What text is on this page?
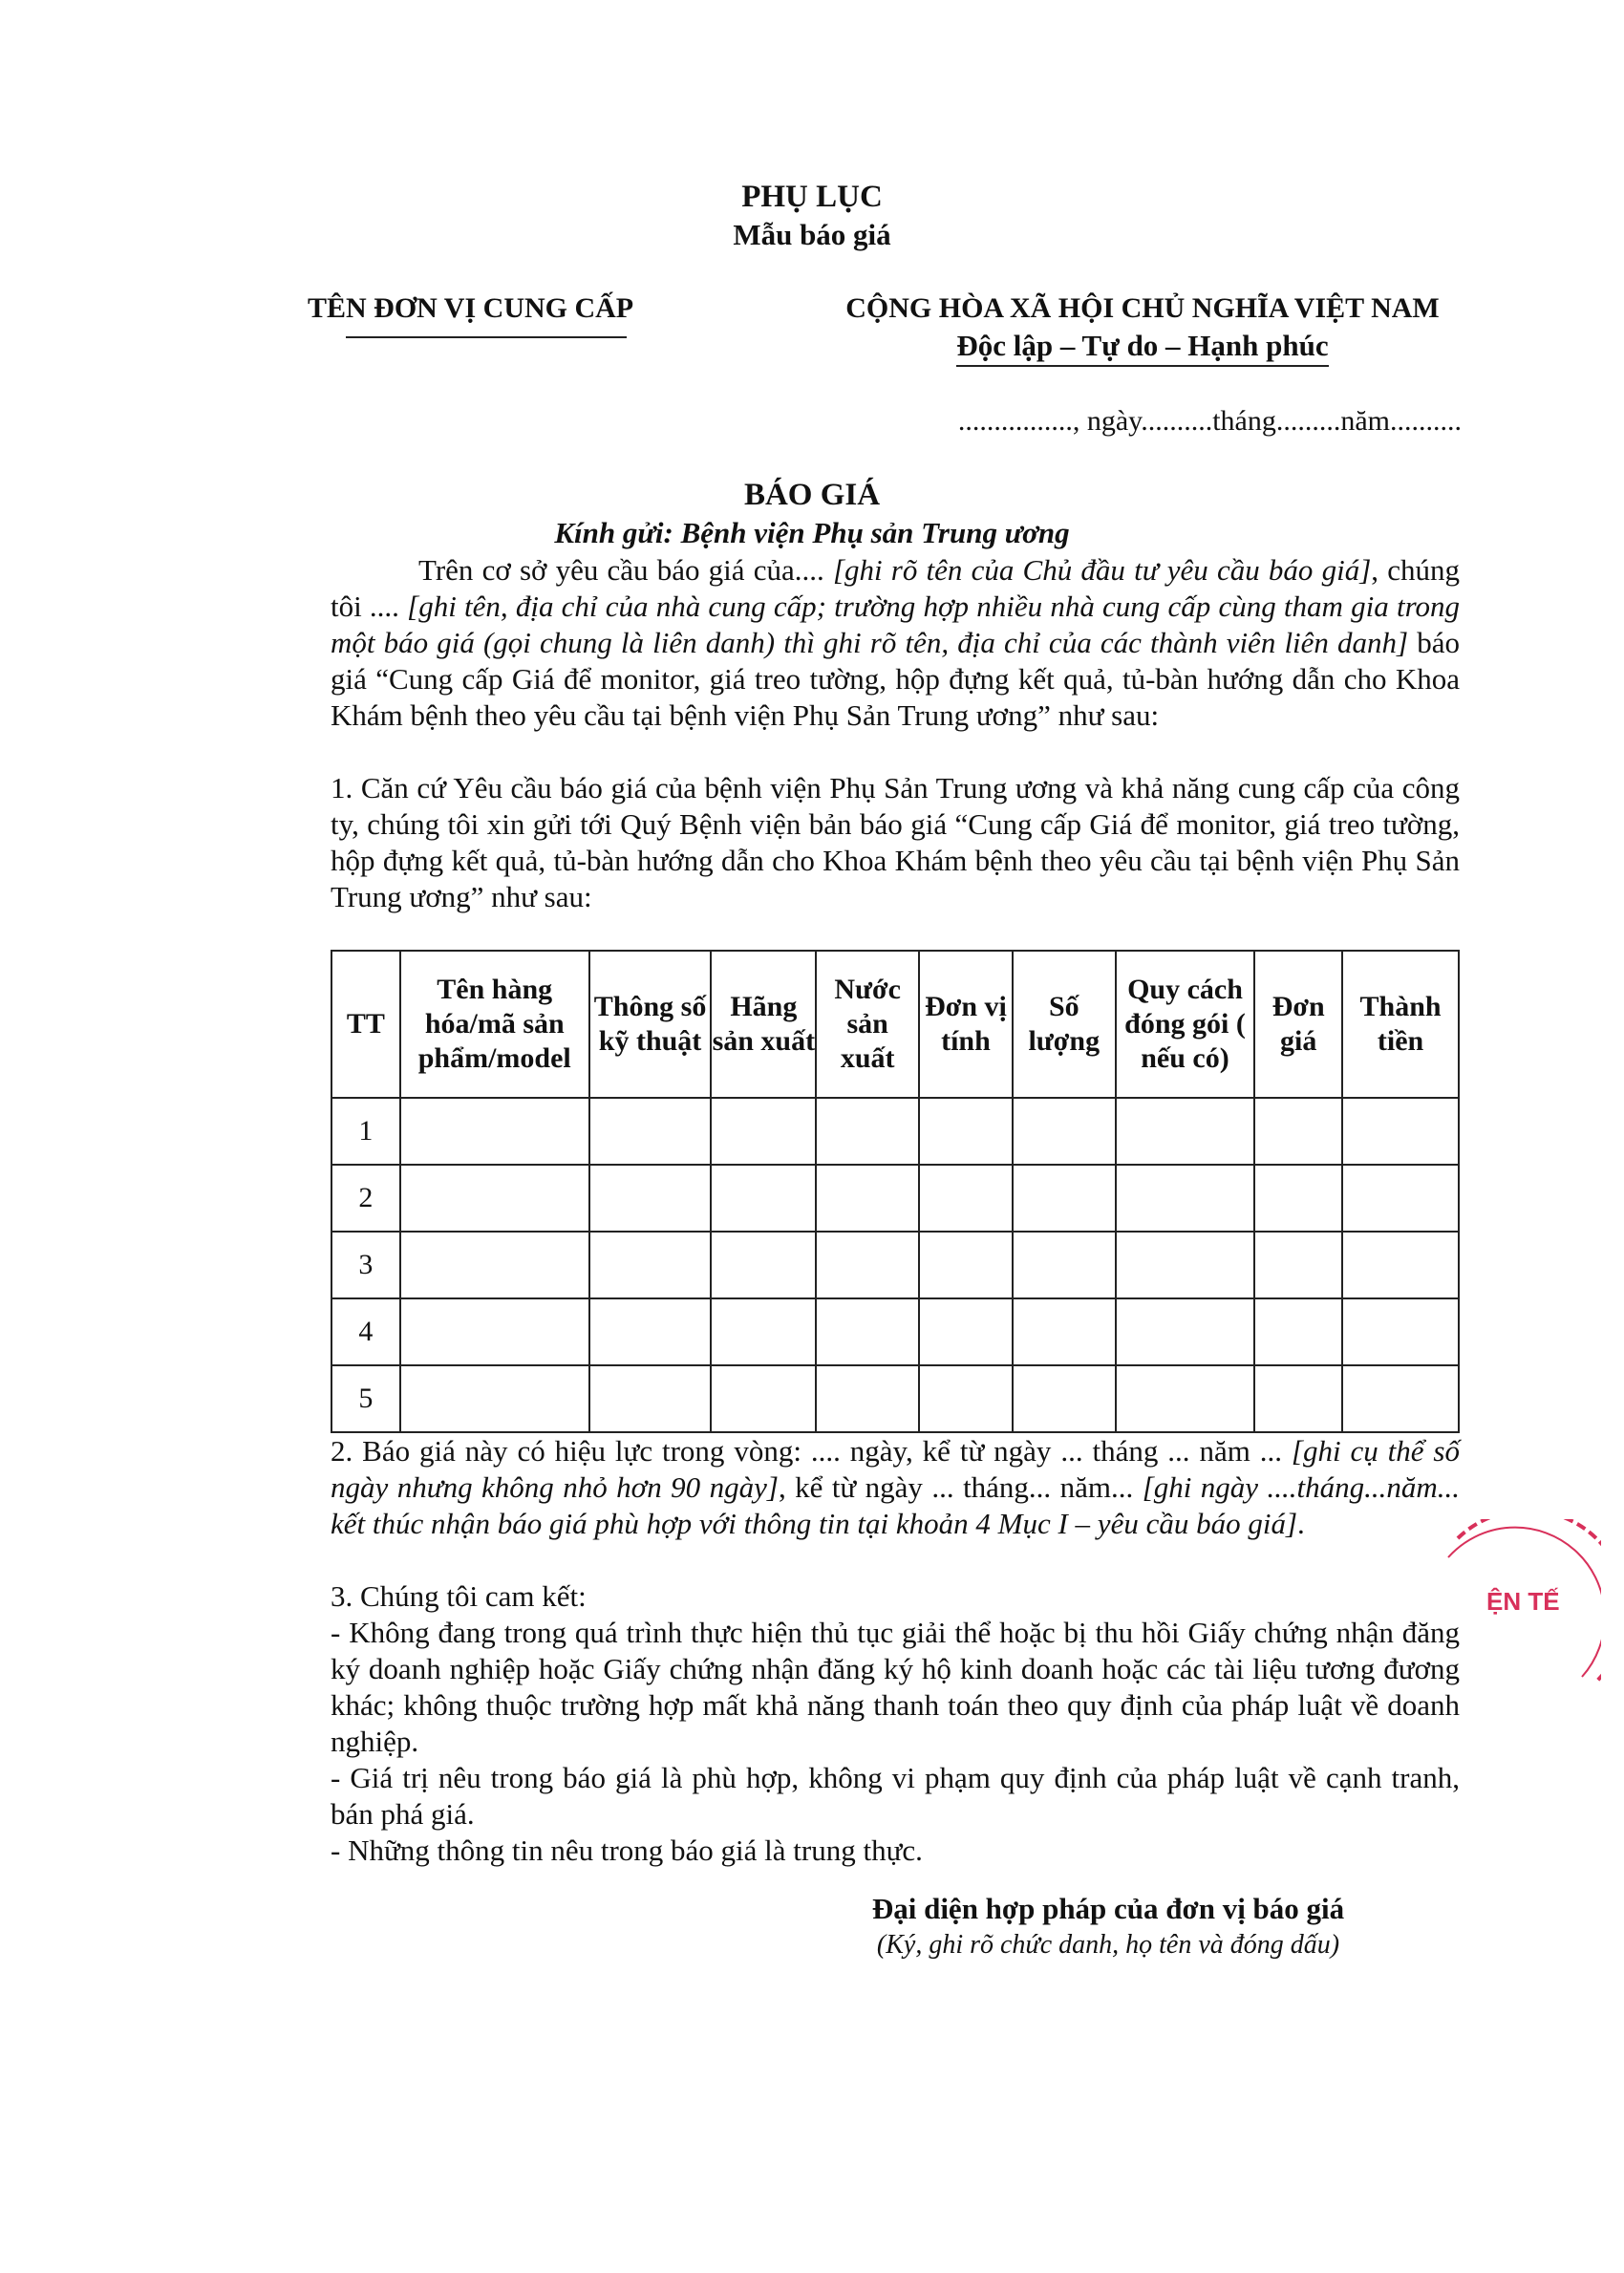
PHỤ LỤC
Mẫu báo giá
TÊN ĐƠN VỊ CUNG CẤP	CỘNG HÒA XÃ HỘI CHỦ NGHĨA VIỆT NAM
Độc lập – Tự do – Hạnh phúc
................, ngày..........tháng.........năm..........
BÁO GIÁ
Kính gửi: Bệnh viện Phụ sản Trung ương
Trên cơ sở yêu cầu báo giá của.... [ghi rõ tên của Chủ đầu tư yêu cầu báo giá], chúng tôi .... [ghi tên, địa chỉ của nhà cung cấp; trường hợp nhiều nhà cung cấp cùng tham gia trong một báo giá (gọi chung là liên danh) thì ghi rõ tên, địa chỉ của các thành viên liên danh] báo giá “Cung cấp Giá để monitor, giá treo tường, hộp đựng kết quả, tủ-bàn hướng dẫn cho Khoa Khám bệnh theo yêu cầu tại bệnh viện Phụ Sản Trung ương” như sau:
1. Căn cứ Yêu cầu báo giá của bệnh viện Phụ Sản Trung ương và khả năng cung cấp của công ty, chúng tôi xin gửi tới Quý Bệnh viện bản báo giá “Cung cấp Giá để monitor, giá treo tường, hộp đựng kết quả, tủ-bàn hướng dẫn cho Khoa Khám bệnh theo yêu cầu tại bệnh viện Phụ Sản Trung ương” như sau:
TT	Tên hàng hóa/mã sản phẩm/model	Thông số kỹ thuật	Hãng sản xuất	Nước sản xuất	Đơn vị tính	Số lượng	Quy cách đóng gói ( nếu có)	Đơn giá	Thành tiền
1									
2									
3									
4									
5									
2. Báo giá này có hiệu lực trong vòng: .... ngày, kể từ ngày ... tháng ... năm ... [ghi cụ thể số ngày nhưng không nhỏ hơn 90 ngày], kể từ ngày ... tháng... năm... [ghi ngày ....tháng...năm... kết thúc nhận báo giá phù hợp với thông tin tại khoản 4 Mục I – yêu cầu báo giá].
3. Chúng tôi cam kết:
- Không đang trong quá trình thực hiện thủ tục giải thể hoặc bị thu hồi Giấy chứng nhận đăng ký doanh nghiệp hoặc Giấy chứng nhận đăng ký hộ kinh doanh hoặc các tài liệu tương đương khác; không thuộc trường hợp mất khả năng thanh toán theo quy định của pháp luật về doanh nghiệp.
- Giá trị nêu trong báo giá là phù hợp, không vi phạm quy định của pháp luật về cạnh tranh, bán phá giá.
- Những thông tin nêu trong báo giá là trung thực.
Đại diện hợp pháp của đơn vị báo giá
(Ký, ghi rõ chức danh, họ tên và đóng dấu)
ỆN TẾ
